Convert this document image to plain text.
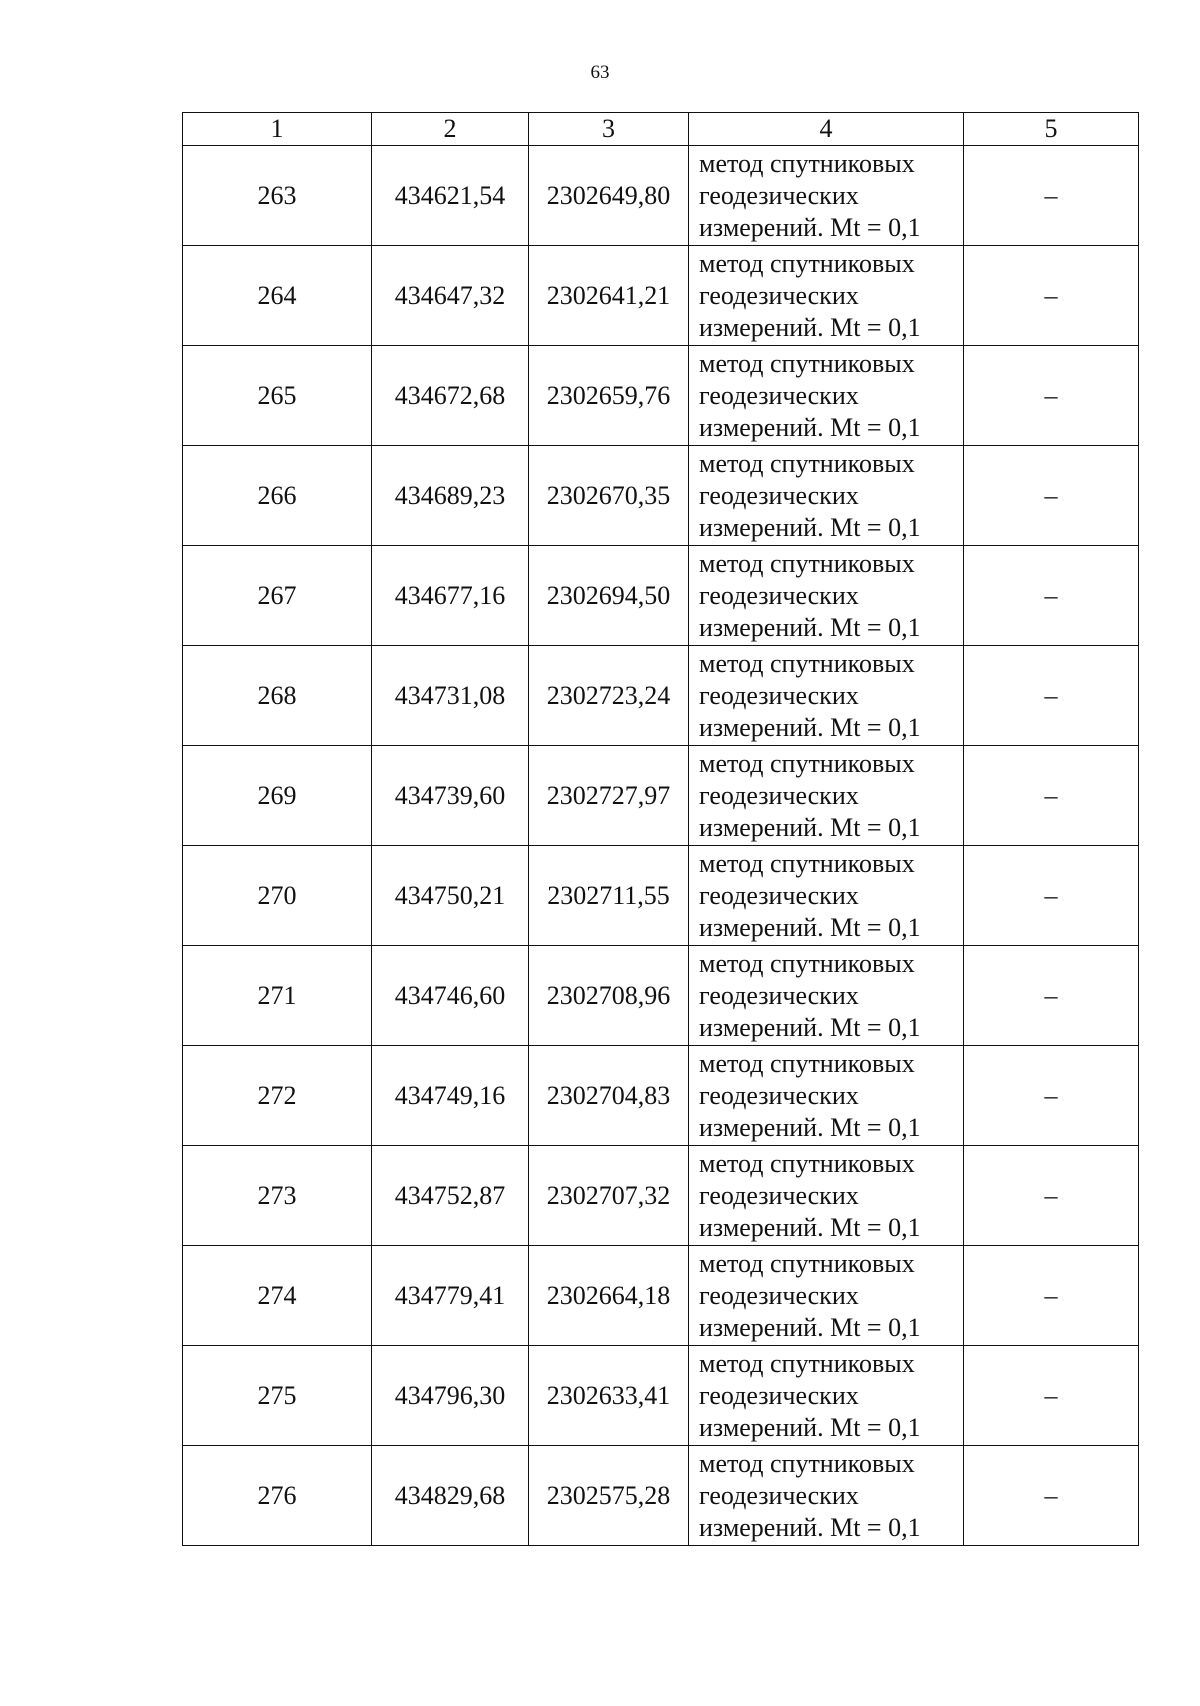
63
1	2	3	4	5
263	434621,54	2302649,80	метод спутниковых
геодезических
измерений. Mt = 0,1	–
264	434647,32	2302641,21	метод спутниковых
геодезических
измерений. Mt = 0,1	–
265	434672,68	2302659,76	метод спутниковых
геодезических
измерений. Mt = 0,1	–
266	434689,23	2302670,35	метод спутниковых
геодезических
измерений. Mt = 0,1	–
267	434677,16	2302694,50	метод спутниковых
геодезических
измерений. Mt = 0,1	–
268	434731,08	2302723,24	метод спутниковых
геодезических
измерений. Mt = 0,1	–
269	434739,60	2302727,97	метод спутниковых
геодезических
измерений. Mt = 0,1	–
270	434750,21	2302711,55	метод спутниковых
геодезических
измерений. Mt = 0,1	–
271	434746,60	2302708,96	метод спутниковых
геодезических
измерений. Mt = 0,1	–
272	434749,16	2302704,83	метод спутниковых
геодезических
измерений. Mt = 0,1	–
273	434752,87	2302707,32	метод спутниковых
геодезических
измерений. Mt = 0,1	–
274	434779,41	2302664,18	метод спутниковых
геодезических
измерений. Mt = 0,1	–
275	434796,30	2302633,41	метод спутниковых
геодезических
измерений. Mt = 0,1	–
276	434829,68	2302575,28	метод спутниковых
геодезических
измерений. Mt = 0,1	–
